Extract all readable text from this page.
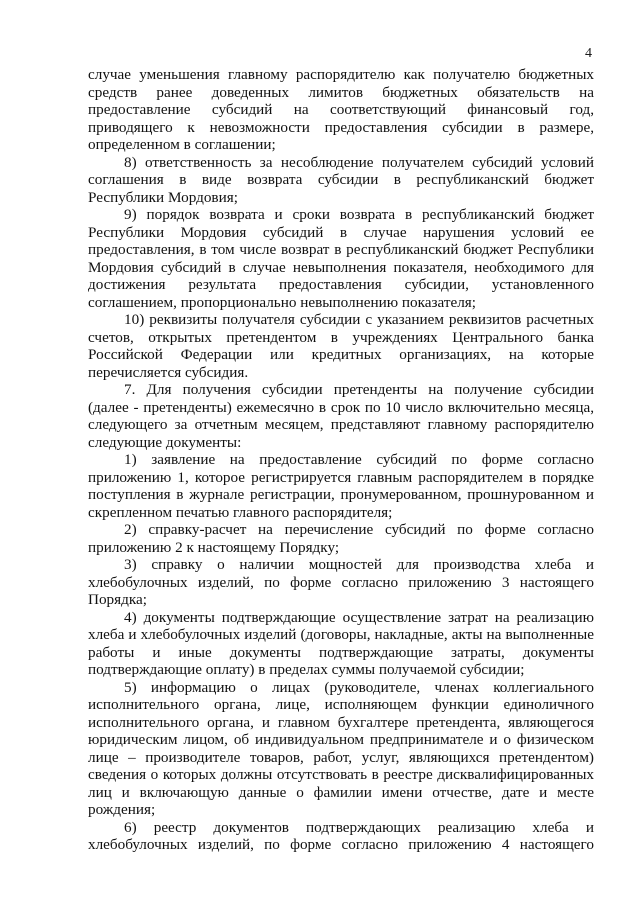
4
случае уменьшения главному распорядителю как получателю бюджетных
средств ранее доведенных лимитов бюджетных обязательств на
предоставление субсидий на соответствующий финансовый год,
приводящего к невозможности предоставления субсидии в размере,
определенном в соглашении;
8) ответственность за несоблюдение получателем субсидий условий
соглашения в виде возврата субсидии в республиканский бюджет
Республики Мордовия;
9) порядок возврата и сроки возврата в республиканский бюджет
Республики Мордовия субсидий в случае нарушения условий ее
предоставления, в том числе возврат в республиканский бюджет Республики
Мордовия субсидий в случае невыполнения показателя, необходимого для
достижения результата предоставления субсидии, установленного
соглашением, пропорционально невыполнению показателя;
10) реквизиты получателя субсидии с указанием реквизитов расчетных
счетов, открытых претендентом в учреждениях Центрального банка
Российской Федерации или кредитных организациях, на которые
перечисляется субсидия.
7. Для получения субсидии претенденты на получение субсидии
(далее - претенденты) ежемесячно в срок по 10 число включительно месяца,
следующего за отчетным месяцем, представляют главному распорядителю
следующие документы:
1) заявление на предоставление субсидий по форме согласно
приложению 1, которое регистрируется главным распорядителем в порядке
поступления в журнале регистрации, пронумерованном, прошнурованном и
скрепленном печатью главного распорядителя;
2) справку-расчет на перечисление субсидий по форме согласно
приложению 2 к настоящему Порядку;
3) справку о наличии мощностей для производства хлеба и
хлебобулочных изделий, по форме согласно приложению 3 настоящего
Порядка;
4) документы подтверждающие осуществление затрат на реализацию
хлеба и хлебобулочных изделий (договоры, накладные, акты на выполненные
работы и иные документы подтверждающие затраты, документы
подтверждающие оплату) в пределах суммы получаемой субсидии;
5) информацию о лицах (руководителе, членах коллегиального
исполнительного органа, лице, исполняющем функции единоличного
исполнительного органа, и главном бухгалтере претендента, являющегося
юридическим лицом, об индивидуальном предпринимателе и о физическом
лице – производителе товаров, работ, услуг, являющихся претендентом)
сведения о которых должны отсутствовать в реестре дисквалифицированных
лиц и включающую данные о фамилии имени отчестве, дате и месте
рождения;
6) реестр документов подтверждающих реализацию хлеба и
хлебобулочных изделий, по форме согласно приложению 4 настоящего
